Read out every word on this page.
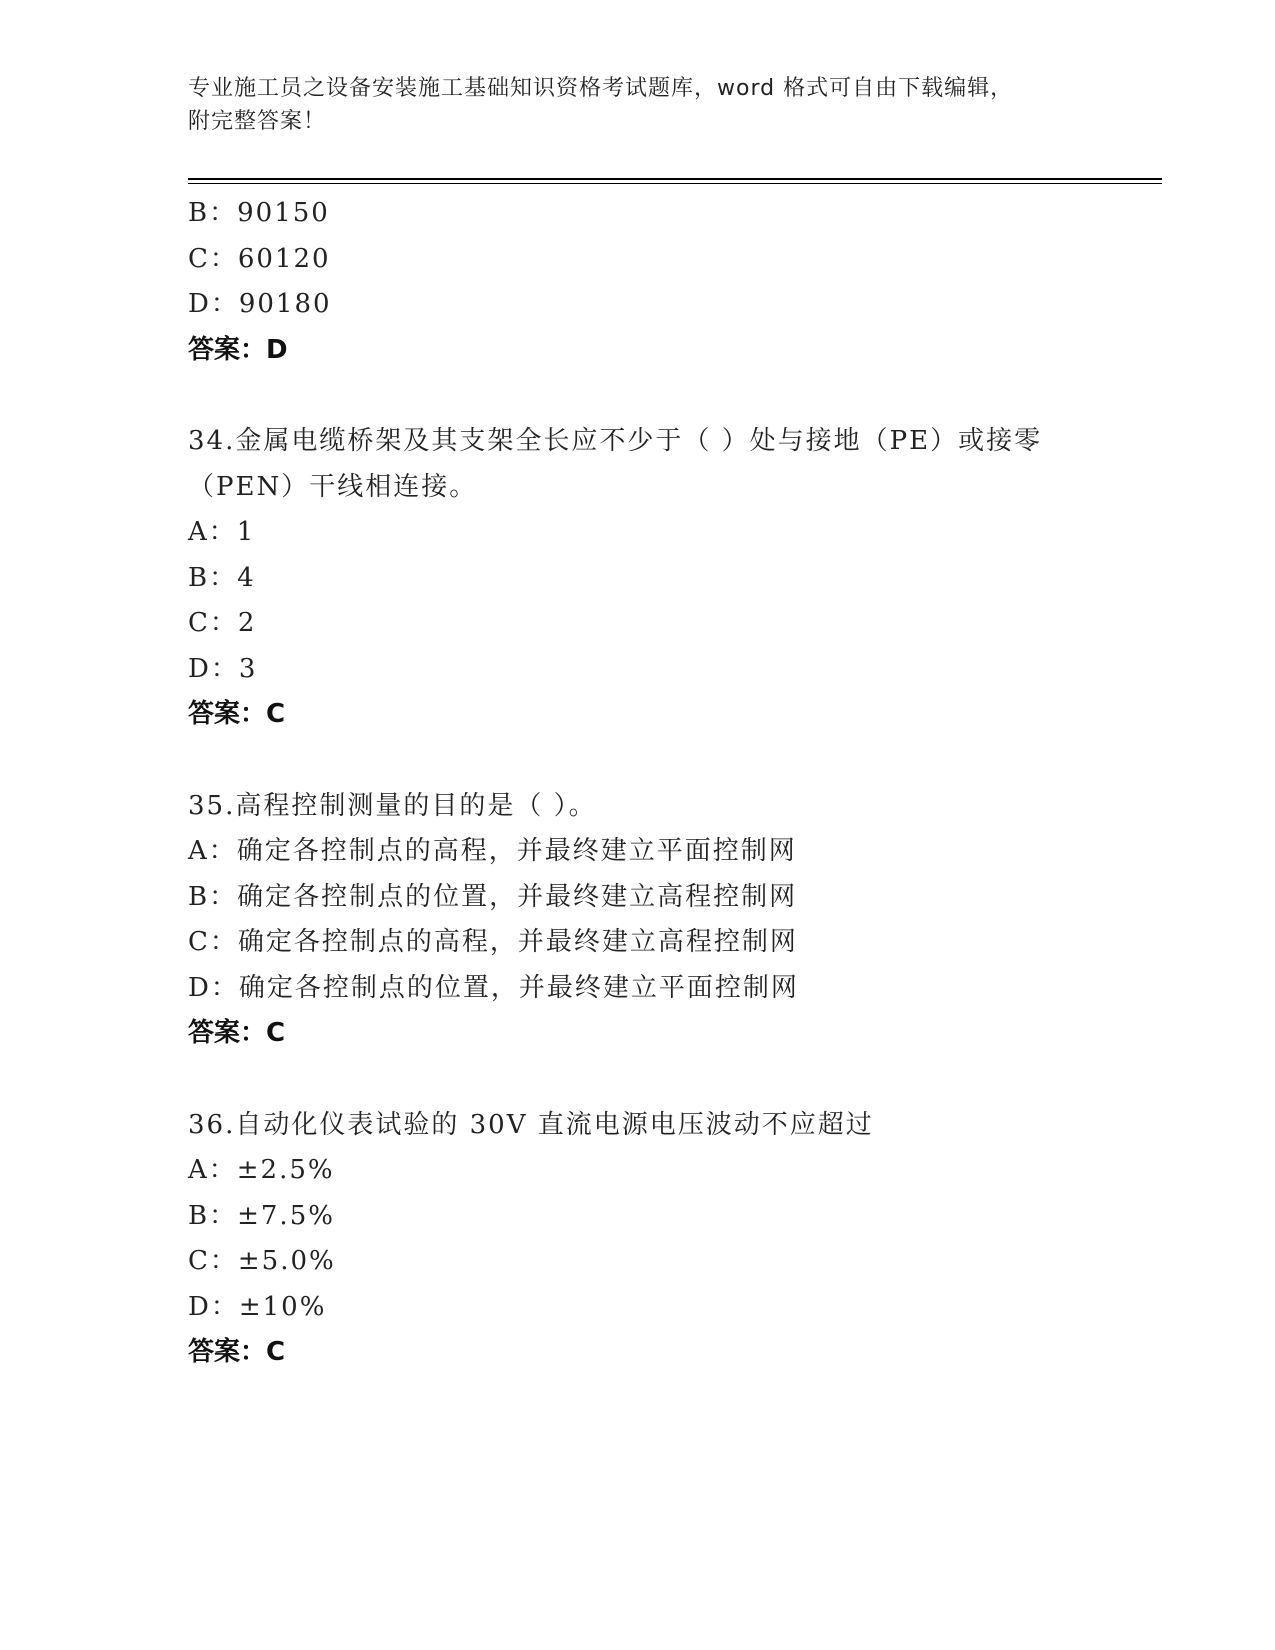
专业施工员之设备安装施工基础知识资格考试题库，word 格式可自由下载编辑，
附完整答案！
B：90150
C：60120
D：90180
答案：D
34.金属电缆桥架及其支架全长应不少于（ ）处与接地（PE）或接零
（PEN）干线相连接。
A：1
B：4
C：2
D：3
答案：C
35.高程控制测量的目的是（ ）。
A：确定各控制点的高程，并最终建立平面控制网
B：确定各控制点的位置，并最终建立高程控制网
C：确定各控制点的高程，并最终建立高程控制网
D：确定各控制点的位置，并最终建立平面控制网
答案：C
36.自动化仪表试验的 30V 直流电源电压波动不应超过
A：±2.5%
B：±7.5%
C：±5.0%
D：±10%
答案：C
